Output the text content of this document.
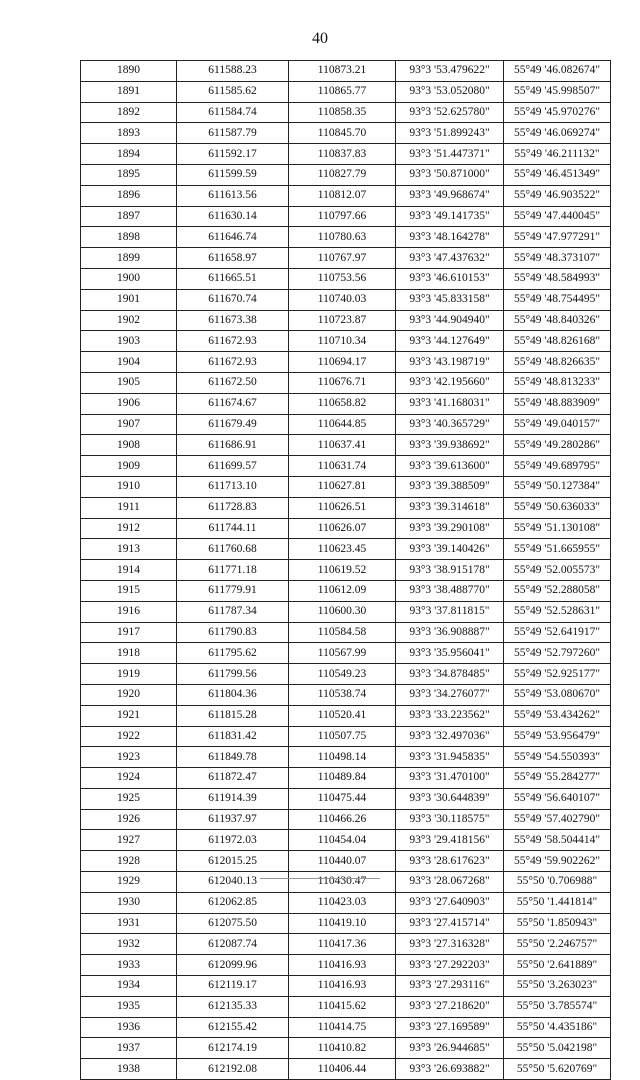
40
1890	611588.23	110873.21	93°3 '53.479622"	55°49 '46.082674"
1891	611585.62	110865.77	93°3 '53.052080"	55°49 '45.998507"
1892	611584.74	110858.35	93°3 '52.625780"	55°49 '45.970276"
1893	611587.79	110845.70	93°3 '51.899243"	55°49 '46.069274"
1894	611592.17	110837.83	93°3 '51.447371"	55°49 '46.211132"
1895	611599.59	110827.79	93°3 '50.871000"	55°49 '46.451349"
1896	611613.56	110812.07	93°3 '49.968674"	55°49 '46.903522"
1897	611630.14	110797.66	93°3 '49.141735"	55°49 '47.440045"
1898	611646.74	110780.63	93°3 '48.164278"	55°49 '47.977291"
1899	611658.97	110767.97	93°3 '47.437632"	55°49 '48.373107"
1900	611665.51	110753.56	93°3 '46.610153"	55°49 '48.584993"
1901	611670.74	110740.03	93°3 '45.833158"	55°49 '48.754495"
1902	611673.38	110723.87	93°3 '44.904940"	55°49 '48.840326"
1903	611672.93	110710.34	93°3 '44.127649"	55°49 '48.826168"
1904	611672.93	110694.17	93°3 '43.198719"	55°49 '48.826635"
1905	611672.50	110676.71	93°3 '42.195660"	55°49 '48.813233"
1906	611674.67	110658.82	93°3 '41.168031"	55°49 '48.883909"
1907	611679.49	110644.85	93°3 '40.365729"	55°49 '49.040157"
1908	611686.91	110637.41	93°3 '39.938692"	55°49 '49.280286"
1909	611699.57	110631.74	93°3 '39.613600"	55°49 '49.689795"
1910	611713.10	110627.81	93°3 '39.388509"	55°49 '50.127384"
1911	611728.83	110626.51	93°3 '39.314618"	55°49 '50.636033"
1912	611744.11	110626.07	93°3 '39.290108"	55°49 '51.130108"
1913	611760.68	110623.45	93°3 '39.140426"	55°49 '51.665955"
1914	611771.18	110619.52	93°3 '38.915178"	55°49 '52.005573"
1915	611779.91	110612.09	93°3 '38.488770"	55°49 '52.288058"
1916	611787.34	110600.30	93°3 '37.811815"	55°49 '52.528631"
1917	611790.83	110584.58	93°3 '36.908887"	55°49 '52.641917"
1918	611795.62	110567.99	93°3 '35.956041"	55°49 '52.797260"
1919	611799.56	110549.23	93°3 '34.878485"	55°49 '52.925177"
1920	611804.36	110538.74	93°3 '34.276077"	55°49 '53.080670"
1921	611815.28	110520.41	93°3 '33.223562"	55°49 '53.434262"
1922	611831.42	110507.75	93°3 '32.497036"	55°49 '53.956479"
1923	611849.78	110498.14	93°3 '31.945835"	55°49 '54.550393"
1924	611872.47	110489.84	93°3 '31.470100"	55°49 '55.284277"
1925	611914.39	110475.44	93°3 '30.644839"	55°49 '56.640107"
1926	611937.97	110466.26	93°3 '30.118575"	55°49 '57.402790"
1927	611972.03	110454.04	93°3 '29.418156"	55°49 '58.504414"
1928	612015.25	110440.07	93°3 '28.617623"	55°49 '59.902262"
1929	612040.13	110430.47	93°3 '28.067268"	55°50 '0.706988"
1930	612062.85	110423.03	93°3 '27.640903"	55°50 '1.441814"
1931	612075.50	110419.10	93°3 '27.415714"	55°50 '1.850943"
1932	612087.74	110417.36	93°3 '27.316328"	55°50 '2.246757"
1933	612099.96	110416.93	93°3 '27.292203"	55°50 '2.641889"
1934	612119.17	110416.93	93°3 '27.293116"	55°50 '3.263023"
1935	612135.33	110415.62	93°3 '27.218620"	55°50 '3.785574"
1936	612155.42	110414.75	93°3 '27.169589"	55°50 '4.435186"
1937	612174.19	110410.82	93°3 '26.944685"	55°50 '5.042198"
1938	612192.08	110406.44	93°3 '26.693882"	55°50 '5.620769"
